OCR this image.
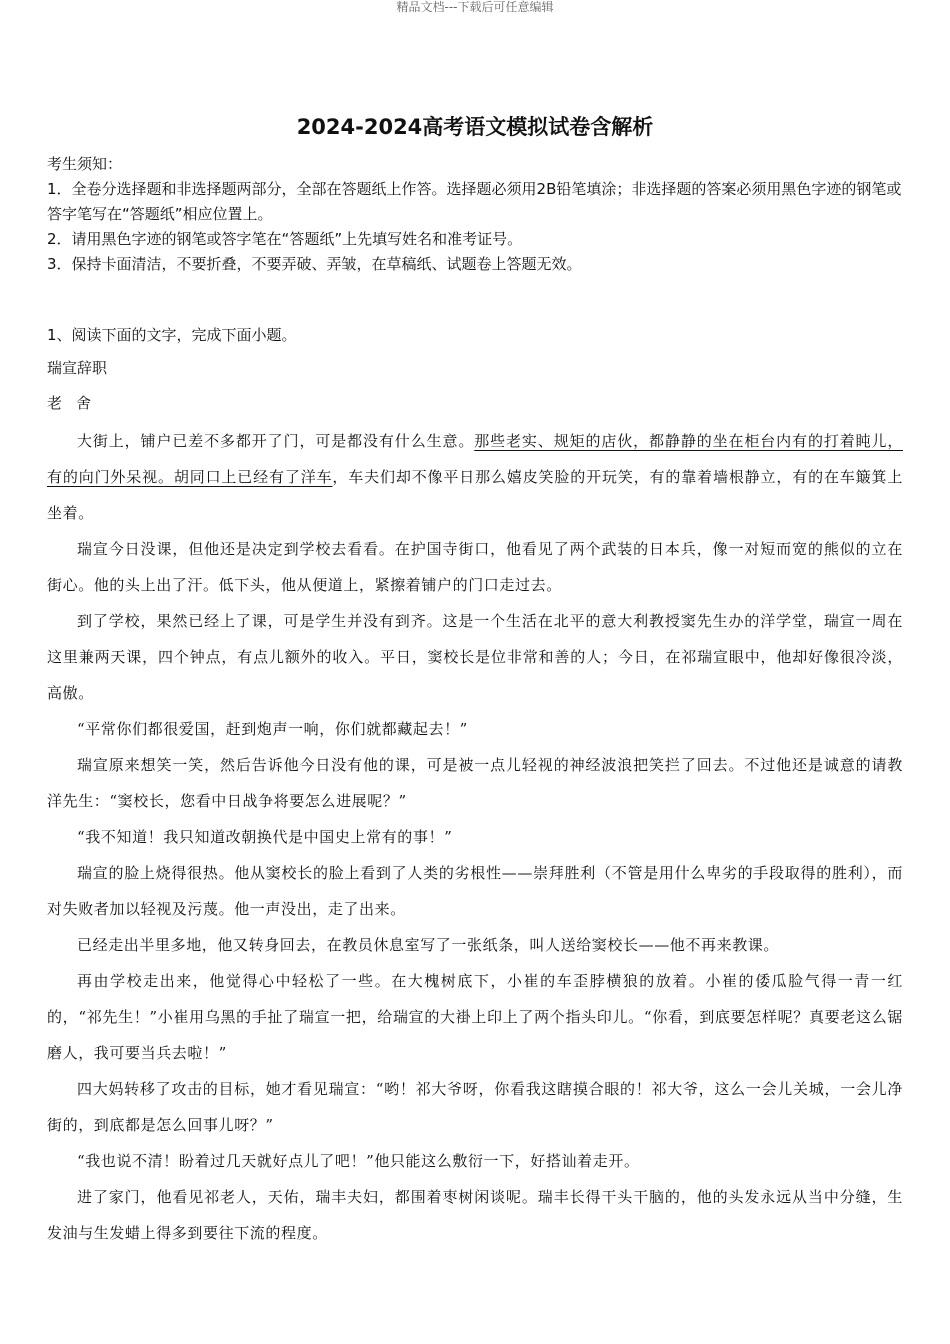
精品文档---下载后可任意编辑
2024-2024高考语文模拟试卷含解析

考生须知：

1．全卷分选择题和非选择题两部分，全部在答题纸上作答。选择题必须用2B铅笔填涂；非选择题的答案必须用黑色字迹的钢笔或答字笔写在“答题纸”相应位置上。

2．请用黑色字迹的钢笔或答字笔在“答题纸”上先填写姓名和准考证号。

3．保持卡面清洁，不要折叠，不要弄破、弄皱，在草稿纸、试题卷上答题无效。

1、阅读下面的文字，完成下面小题。
瑞宣辞职
老舍

大街上，铺户已差不多都开了门，可是都没有什么生意。那些老实、规矩的店伙，都静静的坐在柜台内有的打着盹儿，有的向门外呆视。胡同口上已经有了洋车，车夫们却不像平日那么嬉皮笑脸的开玩笑，有的靠着墙根静立，有的在车簸箕上坐着。

瑞宣今日没课，但他还是决定到学校去看看。在护国寺街口，他看见了两个武装的日本兵，像一对短而宽的熊似的立在街心。他的头上出了汗。低下头，他从便道上，紧擦着铺户的门口走过去。

到了学校，果然已经上了课，可是学生并没有到齐。这是一个生活在北平的意大利教授窦先生办的洋学堂，瑞宣一周在这里兼两天课，四个钟点，有点儿额外的收入。平日，窦校长是位非常和善的人；今日，在祁瑞宣眼中，他却好像很冷淡，高傲。

“平常你们都很爱国，赶到炮声一响，你们就都藏起去！”

瑞宣原来想笑一笑，然后告诉他今日没有他的课，可是被一点儿轻视的神经波浪把笑拦了回去。不过他还是诚意的请教洋先生：“窦校长，您看中日战争将要怎么进展呢？”

“我不知道！我只知道改朝换代是中国史上常有的事！”

瑞宣的脸上烧得很热。他从窦校长的脸上看到了人类的劣根性——崇拜胜利（不管是用什么卑劣的手段取得的胜利），而对失败者加以轻视及污蔑。他一声没出，走了出来。

已经走出半里多地，他又转身回去，在教员休息室写了一张纸条，叫人送给窦校长——他不再来教课。

再由学校走出来，他觉得心中轻松了一些。在大槐树底下，小崔的车歪脖横狼的放着。小崔的倭瓜脸气得一青一红的，“祁先生！”小崔用乌黑的手扯了瑞宣一把，给瑞宣的大褂上印上了两个指头印儿。“你看，到底要怎样呢？真要老这么锯磨人，我可要当兵去啦！”

四大妈转移了攻击的目标，她才看见瑞宣：“哟！祁大爷呀，你看我这瞎摸合眼的！祁大爷，这么一会儿关城，一会儿净街的，到底都是怎么回事儿呀？”

“我也说不清！盼着过几天就好点儿了吧！”他只能这么敷衍一下，好搭讪着走开。

进了家门，他看见祁老人，天佑，瑞丰夫妇，都围着枣树闲谈呢。瑞丰长得干头干脑的，他的头发永远从当中分缝，生发油与生发蜡上得多到要往下流的程度。
